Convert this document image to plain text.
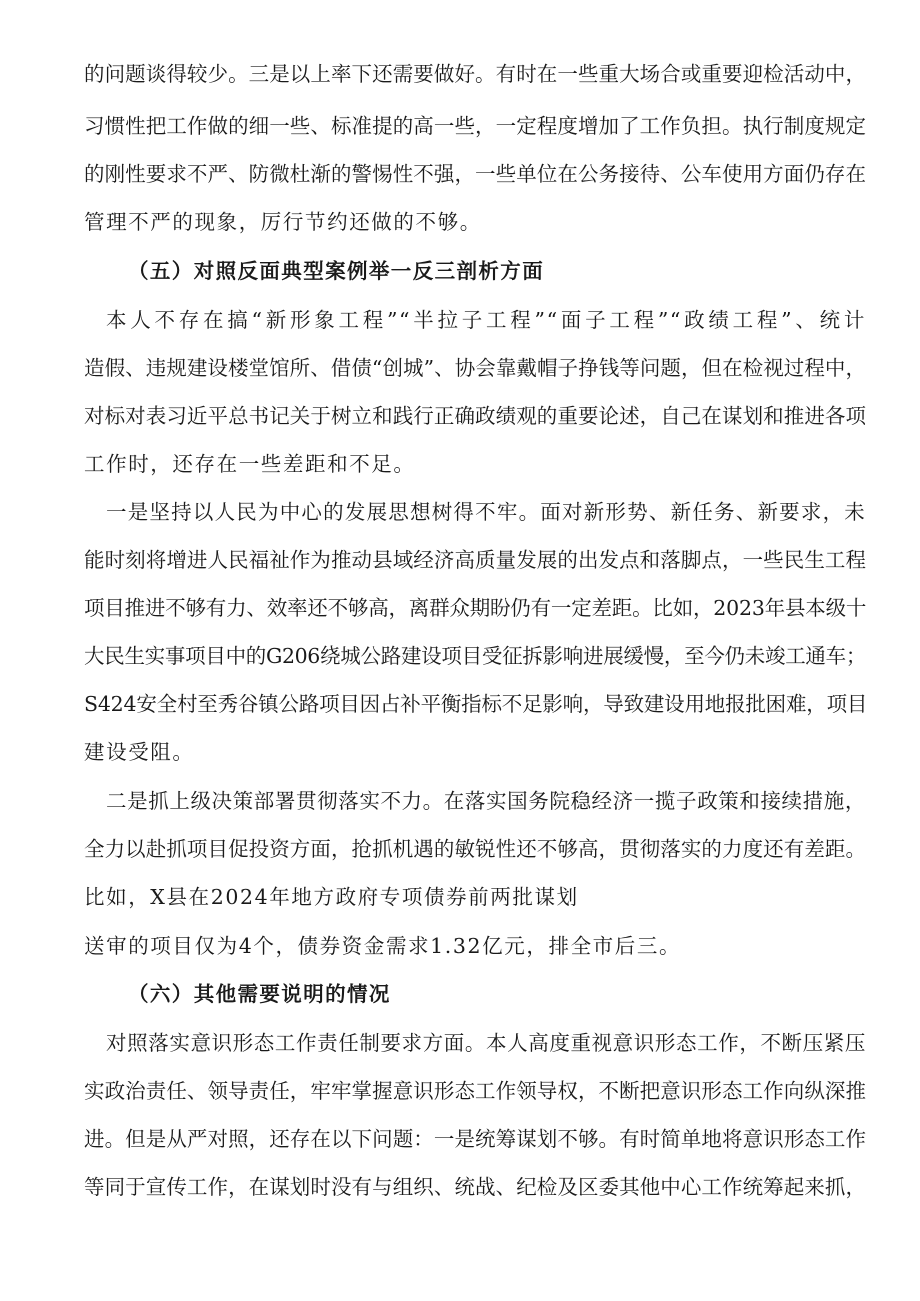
的问题谈得较少。三是以上率下还需要做好。有时在一些重大场合或重要迎检活动中，
习惯性把工作做的细一些、标准提的高一些，一定程度增加了工作负担。执行制度规定
的刚性要求不严、防微杜渐的警惕性不强，一些单位在公务接待、公车使用方面仍存在
管理不严的现象，厉行节约还做的不够。
（五）对照反面典型案例举一反三剖析方面
本人不存在搞“新形象工程”“半拉子工程”“面子工程”“政绩工程”、统计
造假、违规建设楼堂馆所、借债“创城”、协会靠戴帽子挣钱等问题，但在检视过程中，
对标对表习近平总书记关于树立和践行正确政绩观的重要论述，自己在谋划和推进各项
工作时，还存在一些差距和不足。
一是坚持以人民为中心的发展思想树得不牢。面对新形势、新任务、新要求，未
能时刻将增进人民福祉作为推动县域经济高质量发展的出发点和落脚点，一些民生工程
项目推进不够有力、效率还不够高，离群众期盼仍有一定差距。比如，2023年县本级十
大民生实事项目中的G206绕城公路建设项目受征拆影响进展缓慢，至今仍未竣工通车；
S424安全村至秀谷镇公路项目因占补平衡指标不足影响，导致建设用地报批困难，项目
建设受阻。
二是抓上级决策部署贯彻落实不力。在落实国务院稳经济一揽子政策和接续措施，
全力以赴抓项目促投资方面，抢抓机遇的敏锐性还不够高，贯彻落实的力度还有差距。
比如，X县在2024年地方政府专项债券前两批谋划
送审的项目仅为4个，债券资金需求1.32亿元，排全市后三。
（六）其他需要说明的情况
对照落实意识形态工作责任制要求方面。本人高度重视意识形态工作，不断压紧压
实政治责任、领导责任，牢牢掌握意识形态工作领导权，不断把意识形态工作向纵深推
进。但是从严对照，还存在以下问题：一是统筹谋划不够。有时简单地将意识形态工作
等同于宣传工作，在谋划时没有与组织、统战、纪检及区委其他中心工作统筹起来抓，
